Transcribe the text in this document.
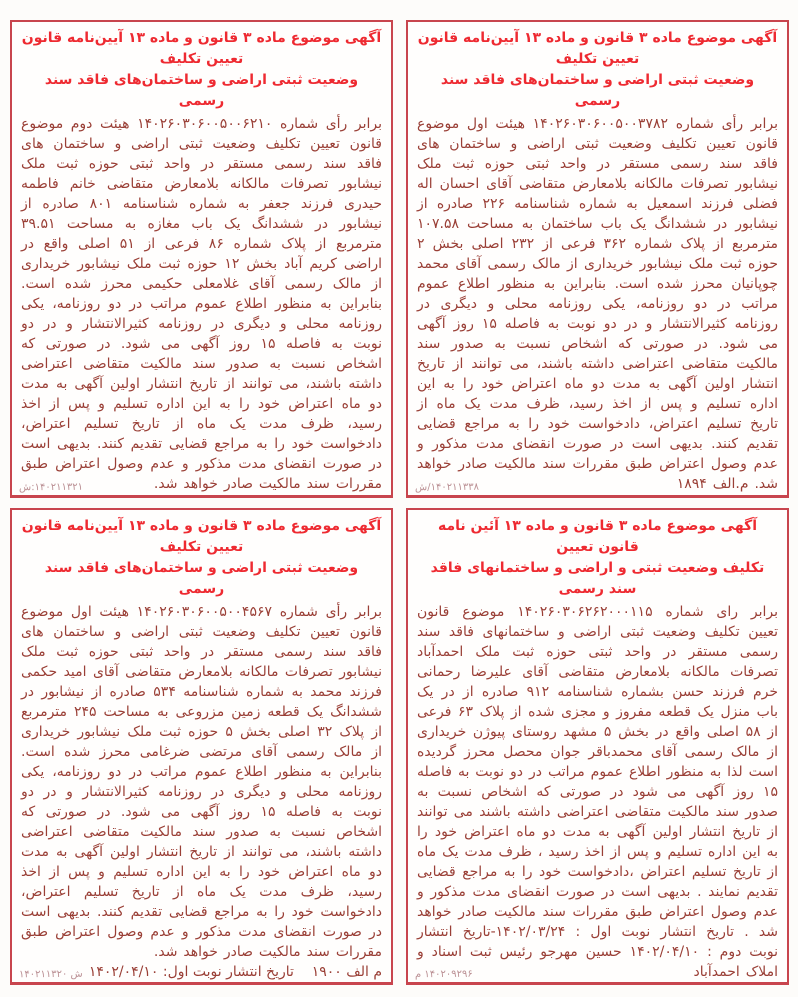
آگهی موضوع ماده ۳ قانون و ماده ۱۳ آیین‌نامه قانون تعیین تکلیف
وضعیت ثبتی اراضی و ساختمان‌های فاقد سند رسمی

برابر رأی شماره ۱۴۰۲۶۰۳۰۶۰۰۵۰۰۶۲۱۰ هیئت دوم موضوع قانون تعیین تکلیف وضعیت ثبتی اراضی و ساختمان های فاقد سند رسمی مستقر در واحد ثبتی حوزه ثبت ملک نیشابور تصرفات مالکانه بلامعارض متقاضی خانم فاطمه حیدری فرزند جعفر به شماره شناسنامه ۸۰۱ صادره از نیشابور در ششدانگ یک باب مغازه به مساحت ۳۹.۵۱ مترمربع از پلاک شماره ۸۶ فرعی از ۵۱ اصلی واقع در اراضی کریم آباد بخش ۱۲ حوزه ثبت ملک نیشابور خریداری از مالک رسمی آقای غلامعلی حکیمی محرز شده است. بنابراین به منظور اطلاع عموم مراتب در دو روزنامه، یکی روزنامه محلی و دیگری در روزنامه کثیرالانتشار و در دو نوبت به فاصله ۱۵ روز آگهی می شود. در صورتی که اشخاص نسبت به صدور سند مالکیت متقاضی اعتراضی داشته باشند، می توانند از تاریخ انتشار اولین آگهی به مدت دو ماه اعتراض خود را به این اداره تسلیم و پس از اخذ رسید، ظرف مدت یک ماه از تاریخ تسلیم اعتراض، دادخواست خود را به مراجع قضایی تقدیم کنند. بدیهی است در صورت انقضای مدت مذکور و عدم وصول اعتراض طبق مقررات سند مالکیت صادر خواهد شد.

۱۴۰۲۱۱۳۲۱:ش
آگهی موضوع ماده ۳ قانون و ماده ۱۳ آیین‌نامه قانون تعیین تکلیف
وضعیت ثبتی اراضی و ساختمان‌های فاقد سند رسمی

برابر رأی شماره ۱۴۰۲۶۰۳۰۶۰۰۵۰۰۳۷۸۲ هیئت اول موضوع قانون تعیین تکلیف وضعیت ثبتی اراضی و ساختمان های فاقد سند رسمی مستقر در واحد ثبتی حوزه ثبت ملک نیشابور تصرفات مالکانه بلامعارض متقاضی آقای احسان اله فضلی فرزند اسمعیل به شماره شناسنامه ۲۲۶ صادره از نیشابور در ششدانگ یک باب ساختمان به مساحت ۱۰۷.۵۸ مترمربع از پلاک شماره ۳۶۲ فرعی از ۲۳۲ اصلی بخش ۲ حوزه ثبت ملک نیشابور خریداری از مالک رسمی آقای محمد چوپانیان محرز شده است. بنابراین به منظور اطلاع عموم مراتب در دو روزنامه، یکی روزنامه محلی و دیگری در روزنامه کثیرالانتشار و در دو نوبت به فاصله ۱۵ روز آگهی می شود. در صورتی که اشخاص نسبت به صدور سند مالکیت متقاضی اعتراضی داشته باشند، می توانند از تاریخ انتشار اولین آگهی به مدت دو ماه اعتراض خود را به این اداره تسلیم و پس از اخذ رسید، ظرف مدت یک ماه از تاریخ تسلیم اعتراض، دادخواست خود را به مراجع قضایی تقدیم کنند. بدیهی است در صورت انقضای مدت مذکور و عدم وصول اعتراض طبق مقررات سند مالکیت صادر خواهد شد. م.الف ۱۸۹۴

۱۴۰۲۱۱۳۳۸/ش
آگهی موضوع ماده ۳ قانون و ماده ۱۳ آیین‌نامه قانون تعیین تکلیف
وضعیت ثبتی اراضی و ساختمان‌های فاقد سند رسمی

برابر رأی شماره ۱۴۰۲۶۰۳۰۶۰۰۵۰۰۴۵۶۷ هیئت اول موضوع قانون تعیین تکلیف وضعیت ثبتی اراضی و ساختمان های فاقد سند رسمی مستقر در واحد ثبتی حوزه ثبت ملک نیشابور تصرفات مالکانه بلامعارض متقاضی آقای امید حکمی فرزند محمد به شماره شناسنامه ۵۳۴ صادره از نیشابور در ششدانگ یک قطعه زمین مزروعی به مساحت ۲۴۵ مترمربع از پلاک ۳۲ اصلی بخش ۵ حوزه ثبت ملک نیشابور خریداری از مالک رسمی آقای مرتضی ضرغامی محرز شده است. بنابراین به منظور اطلاع عموم مراتب در دو روزنامه، یکی روزنامه محلی و دیگری در روزنامه کثیرالانتشار و در دو نوبت به فاصله ۱۵ روز آگهی می شود. در صورتی که اشخاص نسبت به صدور سند مالکیت متقاضی اعتراضی داشته باشند، می توانند از تاریخ انتشار اولین آگهی به مدت دو ماه اعتراض خود را به این اداره تسلیم و پس از اخذ رسید، ظرف مدت یک ماه از تاریخ تسلیم اعتراض، دادخواست خود را به مراجع قضایی تقدیم کنند. بدیهی است در صورت انقضای مدت مذکور و عدم وصول اعتراض طبق مقررات سند مالکیت صادر خواهد شد.

م الف ۱۹۰۰    تاریخ انتشار نوبت اول: ۱۴۰۲/۰۴/۱۰

ش ۱۴۰۲۱۱۳۲۰
آگهی موضوع ماده ۳ قانون و ماده ۱۳ آئین نامه قانون تعیین
تکلیف وضعیت ثبتی و اراضی و ساختمانهای فاقد سند رسمی

برابر رای شماره ۱۴۰۲۶۰۳۰۶۲۶۲۰۰۰۱۱۵ موضوع قانون تعیین تکلیف وضعیت ثبتی اراضی و ساختمانهای فاقد سند رسمی مستقر در واحد ثبتی حوزه ثبت ملک احمدآباد تصرفات مالکانه بلامعارض متقاضی آقای علیرضا رحمانی خرم فرزند حسن بشماره شناسنامه ۹۱۲ صادره از در یک باب منزل یک قطعه مفروز و مجزی شده از پلاک ۶۳ فرعی از ۵۸ اصلی واقع در بخش ۵ مشهد روستای پیوژن خریداری از مالک رسمی آقای محمدباقر جوان محصل محرز گردیده است لذا به منظور اطلاع عموم مراتب در دو نوبت به فاصله ۱۵ روز آگهی می شود در صورتی که اشخاص نسبت به صدور سند مالکیت متقاضی اعتراضی داشته باشند می توانند از تاریخ انتشار اولین آگهی به مدت دو ماه اعتراض خود را به این اداره تسلیم و پس از اخذ رسید ، ظرف مدت یک ماه از تاریخ تسلیم اعتراض ،دادخواست خود را به مراجع قضایی تقدیم نمایند . بدیهی است در صورت انقضای مدت مذکور و عدم وصول اعتراض طبق مقررات سند مالکیت صادر خواهد شد . تاریخ انتشار نوبت اول : ۱۴۰۲/۰۳/۲۴-تاریخ انتشار نوبت دوم : ۱۴۰۲/۰۴/۱۰ حسین مهرجو رئیس ثبت اسناد و املاک احمدآباد

۱۴۰۲۰۹۲۹۶ م
